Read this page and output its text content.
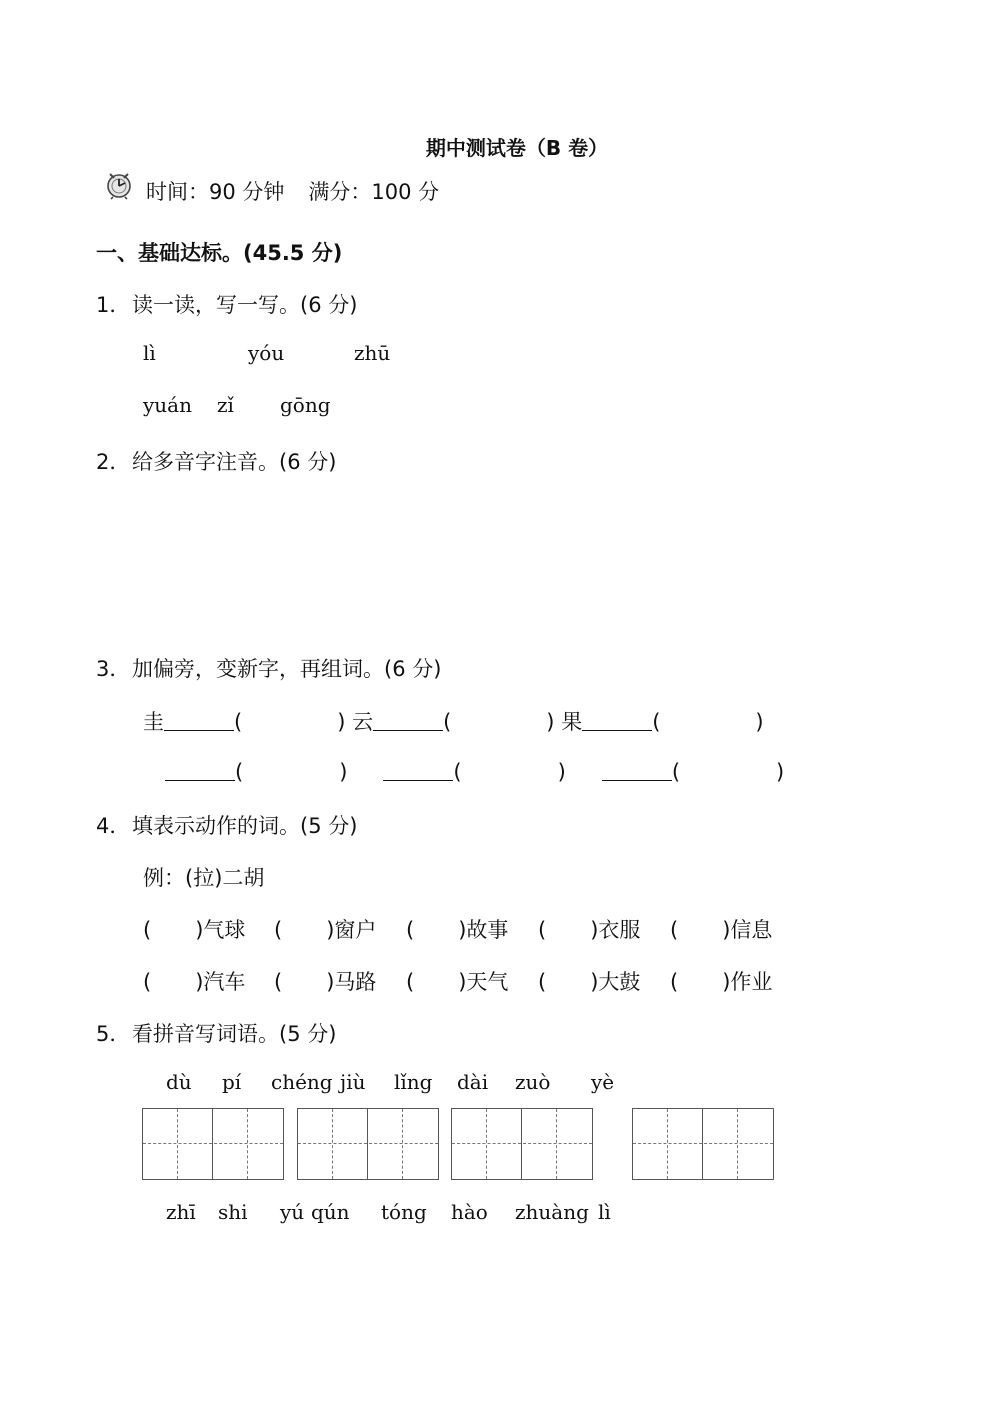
期中测试卷（B 卷）
时间：90 分钟 满分：100 分
一、基础达标。(45.5 分)
1．读一读，写一写。(6 分)
lì	yóu	zhū
yuán zǐ gōng
2．给多音字注音。(6 分)
3．加偏旁，变新字，再组词。(6 分)
圭	(	) 云	(	) 果	(	)
(	)	(	)	(	)
4．填表示动作的词。(5 分)
例：(拉)二胡
( )气球 ( )窗户 ( )故事 ( )衣服 ( )信息
( )汽车 ( )马路 ( )天气 ( )大鼓 ( )作业
5．看拼音写词语。(5 分)
dù pí chéng jiù lǐng dài zuò yè
zhī shi yú qún tóng hào zhuàng lì
